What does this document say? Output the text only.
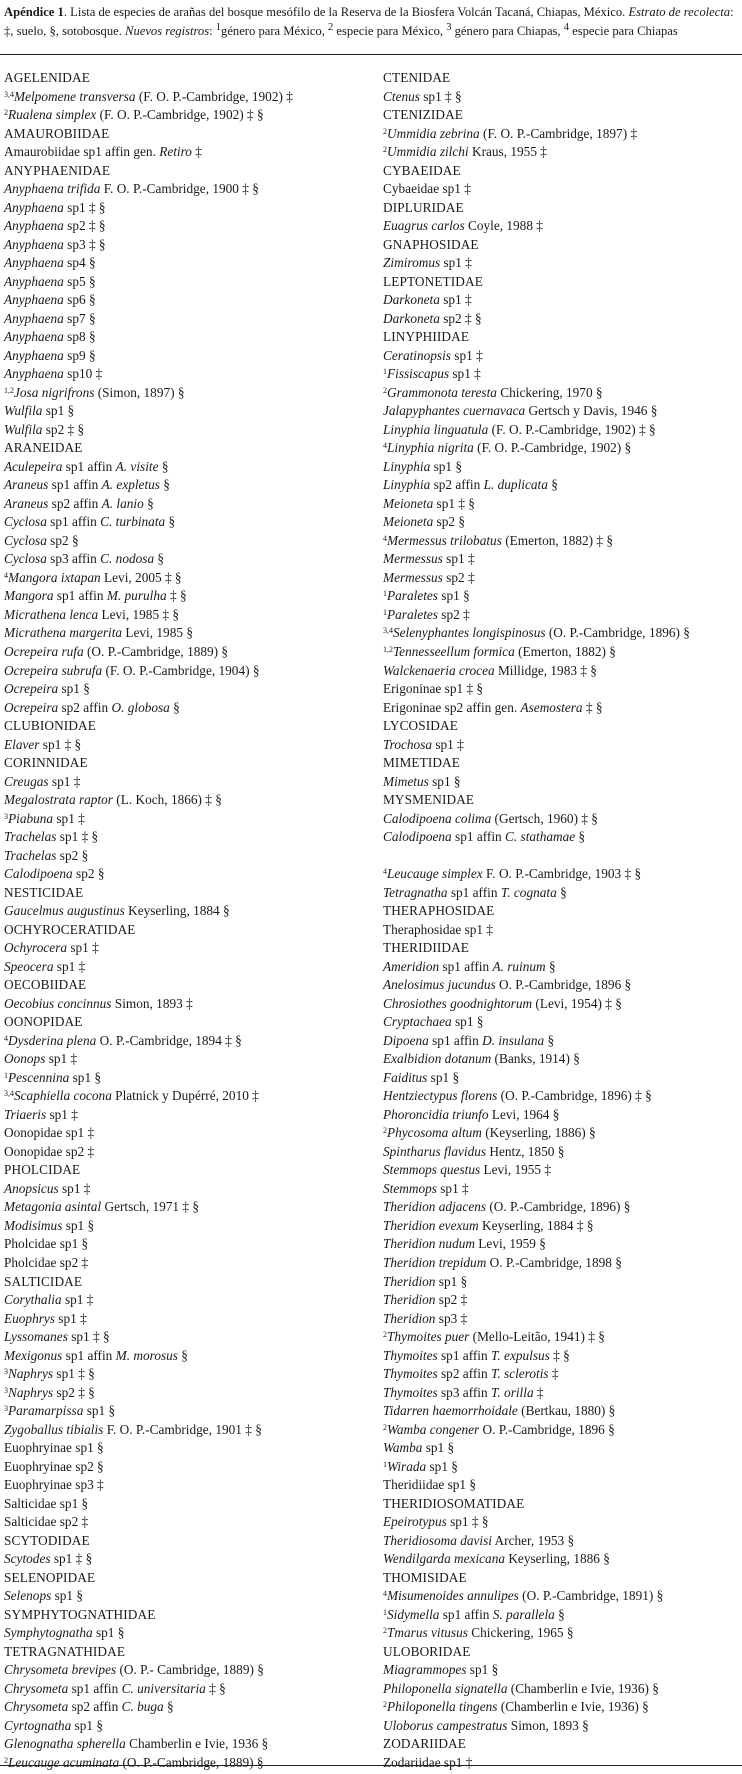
Apéndice 1. Lista de especies de arañas del bosque mesófilo de la Reserva de la Biosfera Volcán Tacaná, Chiapas, México. Estrato de recolecta: ‡, suelo, §, sotobosque. Nuevos registros: $^1$género para México, $^2$ especie para México, $^3$ género para Chiapas, $^4$ especie para Chiapas
AGELENIDAE
$^{3,4}$Melpomene transversa (F. O. P.-Cambridge, 1902) ‡
$^2$Rualena simplex (F. O. P.-Cambridge, 1902) ‡ §
AMAUROBIIDAE
Amaurobiidae sp1 affin gen. Retiro ‡
ANYPHAENIDAE
Anyphaena trifida F. O. P.-Cambridge, 1900 ‡ §
Anyphaena sp1 ‡ §
Anyphaena sp2 ‡ §
Anyphaena sp3 ‡ §
Anyphaena sp4 §
Anyphaena sp5 §
Anyphaena sp6 §
Anyphaena sp7 §
Anyphaena sp8 §
Anyphaena sp9 §
Anyphaena sp10 ‡
$^{1,2}$Josa nigrifrons (Simon, 1897) §
Wulfila sp1 §
Wulfila sp2 ‡ §
ARANEIDAE
Aculepeira sp1 affin A. visite §
Araneus sp1 affin A. expletus §
Araneus sp2 affin A. lanio §
Cyclosa sp1 affin C. turbinata §
Cyclosa sp2 §
Cyclosa sp3 affin C. nodosa §
$^4$Mangora ixtapan Levi, 2005 ‡ §
Mangora sp1 affin M. purulha ‡ §
Micrathena lenca Levi, 1985 ‡ §
Micrathena margerita Levi, 1985 §
Ocrepeira rufa (O. P.-Cambridge, 1889) §
Ocrepeira subrufa (F. O. P.-Cambridge, 1904) §
Ocrepeira sp1 §
Ocrepeira sp2 affin O. globosa §
CLUBIONIDAE
Elaver sp1 ‡ §
CORINNIDAE
Creugas sp1 ‡
Megalostrata raptor (L. Koch, 1866) ‡ §
$^3$Piabuna sp1 ‡
Trachelas sp1 ‡ §
Trachelas sp2 §
Calodipoena sp2 §
NESTICIDAE
Gaucelmus augustinus Keyserling, 1884 §
OCHYROCERATIDAE
Ochyrocera sp1 ‡
Speocera sp1 ‡
OECOBIIDAE
Oecobius concinnus Simon, 1893 ‡
OONOPIDAE
$^4$Dysderina plena O. P.-Cambridge, 1894 ‡ §
Oonops sp1 ‡
$^1$Pescennina sp1 §
$^{3,4}$Scaphiella cocona Platnick y Dupérré, 2010 ‡
Triaeris sp1 ‡
Oonopidae sp1 ‡
Oonopidae sp2 ‡
PHOLCIDAE
Anopsicus sp1 ‡
Metagonia asintal Gertsch, 1971 ‡ §
Modisimus sp1 §
Pholcidae sp1 §
Pholcidae sp2 ‡
SALTICIDAE
Corythalia sp1 ‡
Euophrys sp1 ‡
Lyssomanes sp1 ‡ §
Mexigonus sp1 affin M. morosus §
$^3$Naphrys sp1 ‡ §
$^3$Naphrys sp2 ‡ §
$^3$Paramarpissa sp1 §
Zygoballus tibialis F. O. P.-Cambridge, 1901 ‡ §
Euophryinae sp1 §
Euophryinae sp2 §
Euophryinae sp3 ‡
Salticidae sp1 §
Salticidae sp2 ‡
SCYTODIDAE
Scytodes sp1 ‡ §
SELENOPIDAE
Selenops sp1 §
SYMPHYTOGNATHIDAE
Symphytognatha sp1 §
TETRAGNATHIDAE
Chrysometa brevipes (O. P.- Cambridge, 1889) §
Chrysometa sp1 affin C. universitaria ‡ §
Chrysometa sp2 affin C. buga §
Cyrtognatha sp1 §
Glenognatha spherella Chamberlin e Ivie, 1936 §
$^2$Leucauge acuminata (O. P.-Cambridge, 1889) §
CTENIDAE
Ctenus sp1 ‡ §
CTENIZIDAE
$^2$Ummidia zebrina (F. O. P.-Cambridge, 1897) ‡
$^2$Ummidia zilchi Kraus, 1955 ‡
CYBAEIDAE
Cybaeidae sp1 ‡
DIPLURIDAE
Euagrus carlos Coyle, 1988 ‡
GNAPHOSIDAE
Zimiromus sp1 ‡
LEPTONETIDAE
Darkoneta sp1 ‡
Darkoneta sp2 ‡ §
LINYPHIIDAE
Ceratinopsis sp1 ‡
$^1$Fissiscapus sp1 ‡
$^2$Grammonota teresta Chickering, 1970 §
Jalapyphantes cuernavaca Gertsch y Davis, 1946 §
Linyphia linguatula (F. O. P.-Cambridge, 1902) ‡ §
$^4$Linyphia nigrita (F. O. P.-Cambridge, 1902) §
Linyphia sp1 §
Linyphia sp2 affin L. duplicata §
Meioneta sp1 ‡ §
Meioneta sp2 §
$^4$Mermessus trilobatus (Emerton, 1882) ‡ §
Mermessus sp1 ‡
Mermessus sp2 ‡
$^1$Paraletes sp1 §
$^1$Paraletes sp2 ‡
$^{3,4}$Selenyphantes longispinosus (O. P.-Cambridge, 1896) §
$^{1,2}$Tennesseellum formica (Emerton, 1882) §
Walckenaeria crocea Millidge, 1983 ‡ §
Erigoninae sp1 ‡ §
Erigoninae sp2 affin gen. Asemostera ‡ §
LYCOSIDAE
Trochosa sp1 ‡
MIMETIDAE
Mimetus sp1 §
MYSMENIDAE
Calodipoena colima (Gertsch, 1960) ‡ §
Calodipoena sp1 affin C. stathamae §
$^4$Leucauge simplex F. O. P.-Cambridge, 1903 ‡ §
Tetragnatha sp1 affin T. cognata §
THERAPHOSIDAE
Theraphosidae sp1 ‡
THERIDIIDAE
Ameridion sp1 affin A. ruinum §
Anelosimus jucundus O. P.-Cambridge, 1896 §
Chrosiothes goodnightorum (Levi, 1954) ‡ §
Cryptachaea sp1 §
Dipoena sp1 affin D. insulana §
Exalbidion dotanum (Banks, 1914) §
Faiditus sp1 §
Hentziectypus florens (O. P.-Cambridge, 1896) ‡ §
Phoroncidia triunfo Levi, 1964 §
$^2$Phycosoma altum (Keyserling, 1886) §
Spintharus flavidus Hentz, 1850 §
Stemmops questus Levi, 1955 ‡
Stemmops sp1 ‡
Theridion adjacens (O. P.-Cambridge, 1896) §
Theridion evexum Keyserling, 1884 ‡ §
Theridion nudum Levi, 1959 §
Theridion trepidum O. P.-Cambridge, 1898 §
Theridion sp1 §
Theridion sp2 ‡
Theridion sp3 ‡
$^2$Thymoites puer (Mello-Leitão, 1941) ‡ §
Thymoites sp1 affin T. expulsus ‡ §
Thymoites sp2 affin T. sclerotis ‡
Thymoites sp3 affin T. orilla ‡
Tidarren haemorrhoidale (Bertkau, 1880) §
$^2$Wamba congener O. P.-Cambridge, 1896 §
Wamba sp1 §
$^1$Wirada sp1 §
Theridiidae sp1 §
THERIDIOSOMATIDAE
Epeirotypus sp1 ‡ §
Theridiosoma davisi Archer, 1953 §
Wendilgarda mexicana Keyserling, 1886 §
THOMISIDAE
$^4$Misumenoides annulipes (O. P.-Cambridge, 1891) §
$^1$Sidymella sp1 affin S. parallela §
$^2$Tmarus vitusus Chickering, 1965 §
ULOBORIDAE
Miagrammopes sp1 §
Philoponella signatella (Chamberlin e Ivie, 1936) §
$^2$Philoponella tingens (Chamberlin e Ivie, 1936) §
Uloborus campestratus Simon, 1893 §
ZODARIIDAE
Zodariidae sp1 ‡
